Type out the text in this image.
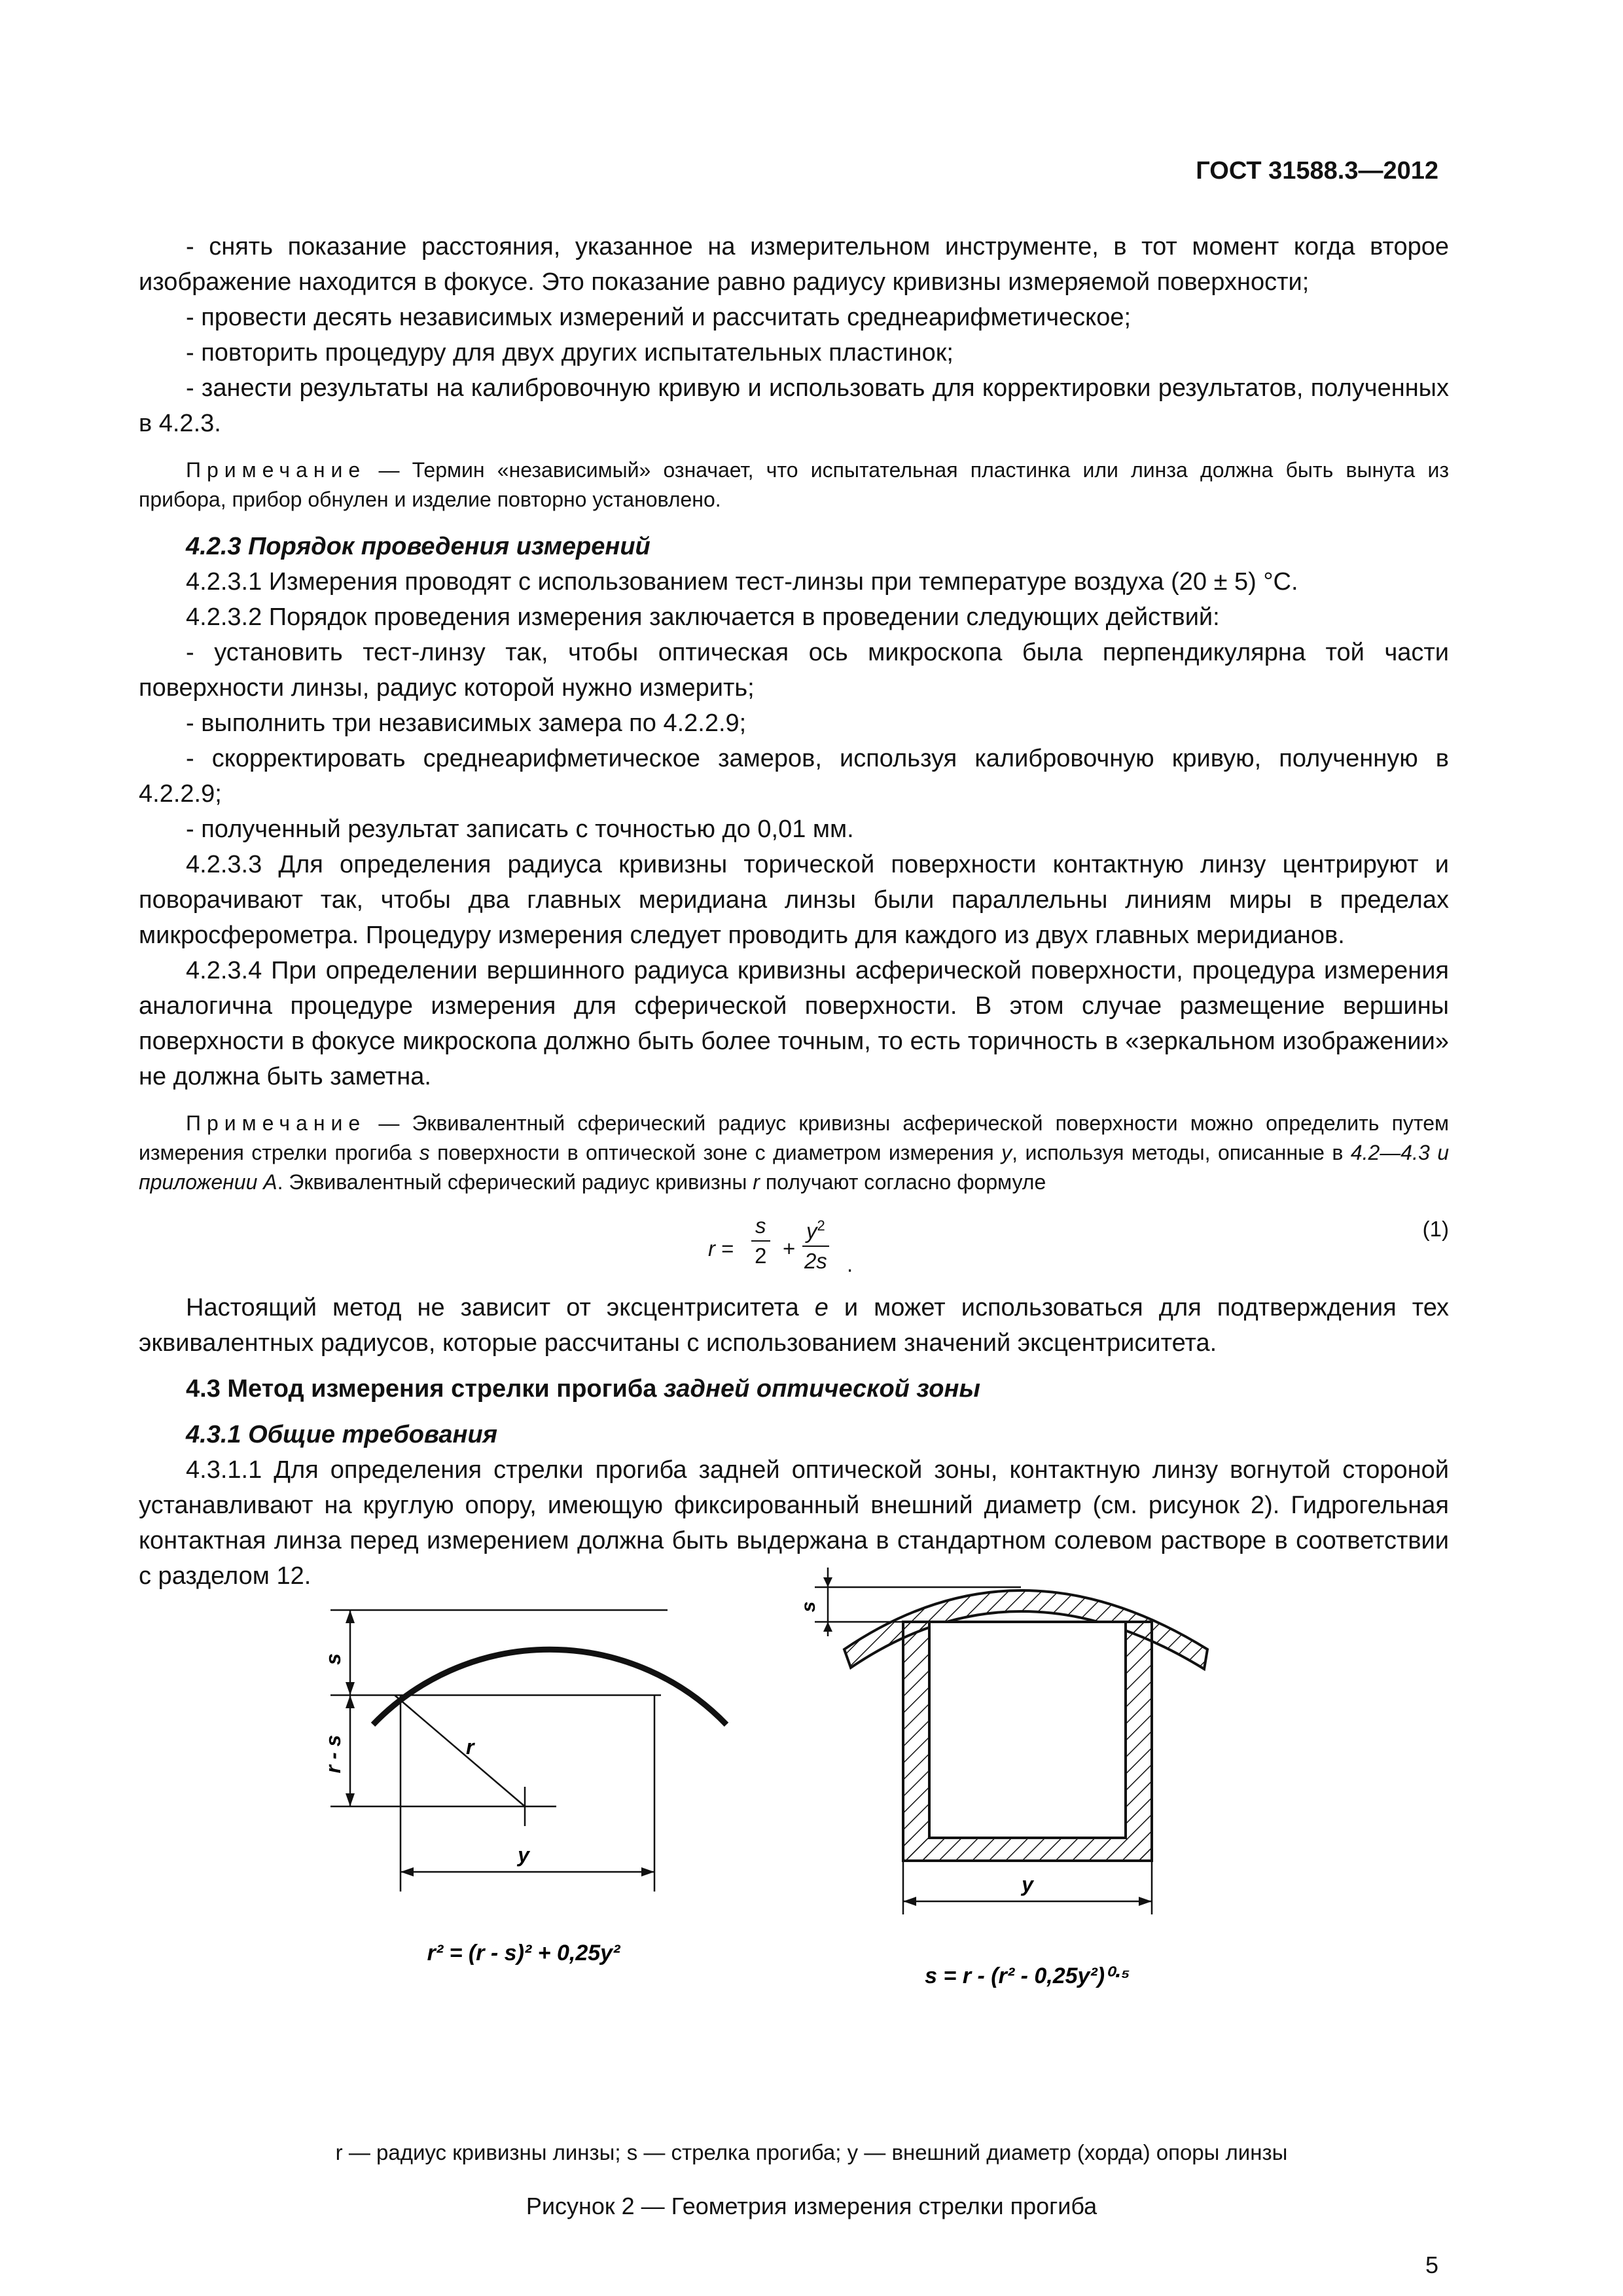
ГОСТ 31588.3—2012

- снять показание расстояния, указанное на измерительном инструменте, в тот момент когда второе изображение находится в фокусе. Это показание равно радиусу кривизны измеряемой поверхности;

- провести десять независимых измерений и рассчитать среднеарифметическое;

- повторить процедуру для двух других испытательных пластинок;

- занести результаты на калибровочную кривую и использовать для корректировки результатов, полученных в 4.2.3.

Примечание — Термин «независимый» означает, что испытательная пластинка или линза должна быть вынута из прибора, прибор обнулен и изделие повторно установлено.

4.2.3 Порядок проведения измерений

4.2.3.1 Измерения проводят с использованием тест-линзы при температуре воздуха (20 ± 5) °С.

4.2.3.2 Порядок проведения измерения заключается в проведении следующих действий:

- установить тест-линзу так, чтобы оптическая ось микроскопа была перпендикулярна той части поверхности линзы, радиус которой нужно измерить;

- выполнить три независимых замера по 4.2.2.9;

- скорректировать среднеарифметическое замеров, используя калибровочную кривую, полученную в 4.2.2.9;

- полученный результат записать с точностью до 0,01 мм.

4.2.3.3 Для определения радиуса кривизны торической поверхности контактную линзу центрируют и поворачивают так, чтобы два главных меридиана линзы были параллельны линиям миры в пределах микросферометра. Процедуру измерения следует проводить для каждого из двух главных меридианов.

4.2.3.4 При определении вершинного радиуса кривизны асферической поверхности, процедура измерения аналогична процедуре измерения для сферической поверхности. В этом случае размещение вершины поверхности в фокусе микроскопа должно быть более точным, то есть торичность в «зеркальном изображении» не должна быть заметна.

Примечание — Эквивалентный сферический радиус кривизны асферической поверхности можно определить путем измерения стрелки прогиба s поверхности в оптической зоне с диаметром измерения y, используя методы, описанные в 4.2—4.3 и приложении А. Эквивалентный сферический радиус кривизны r получают согласно формуле

$r = \frac{s}{2} + \frac{y^2}{2s}$ .
(1)

Настоящий метод не зависит от эксцентриситета е и может использоваться для подтверждения тех эквивалентных радиусов, которые рассчитаны с использованием значений эксцентриситета.

4.3 Метод измерения стрелки прогиба задней оптической зоны

4.3.1 Общие требования

4.3.1.1 Для определения стрелки прогиба задней оптической зоны, контактную линзу вогнутой стороной устанавливают на круглую опору, имеющую фиксированный внешний диаметр (см. рисунок 2). Гидрогельная контактная линза перед измерением должна быть выдержана в стандартном солевом растворе в соответствии с разделом 12.

s
r - s	r
y
r² = (r - s)² + 0,25y²
s
y
s = r - (r² - 0,25y²)⁰·⁵
r — радиус кривизны линзы; s — стрелка прогиба; y — внешний диаметр (хорда) опоры линзы
Рисунок 2 — Геометрия измерения стрелки прогиба
5
